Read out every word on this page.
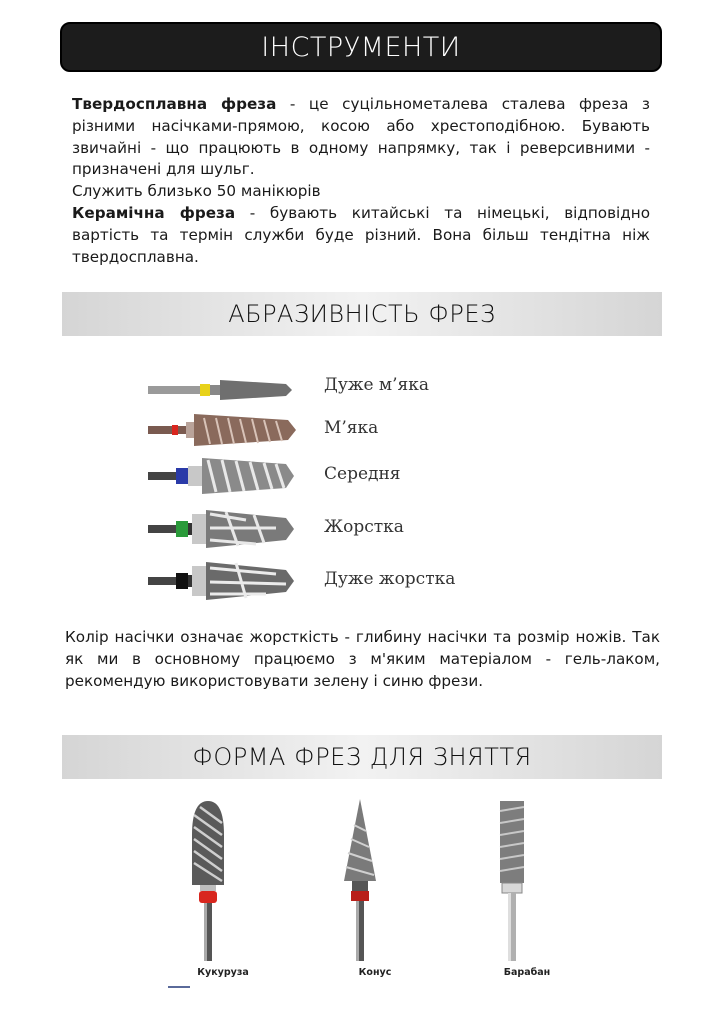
ІНСТРУМЕНТИ

Твердосплавна фреза - це суцільнометалева сталева фреза з різними насічками-прямою, косою або хрестоподібною. Бувають звичайні - що працюють в одному напрямку, так і реверсивними - призначені для шульг.

Служить близько 50 манікюрів

Керамічна фреза - бувають китайські та німецькі, відповідно вартість та термін служби буде різний. Вона більш тендітна ніж твердосплавна.

АБРАЗИВНІСТЬ ФРЕЗ
Дуже м’яка
М’яка
Середня
Жорстка
Дуже жорстка

Колір насічки означає жорсткість - глибину насічки та розмір ножів. Так як ми в основному працюємо з м'яким матеріалом - гель-лаком, рекомендую використовувати зелену і синю фрези.

ФОРМА ФРЕЗ ДЛЯ ЗНЯТТЯ
Кукуруза	Конус	Барабан
